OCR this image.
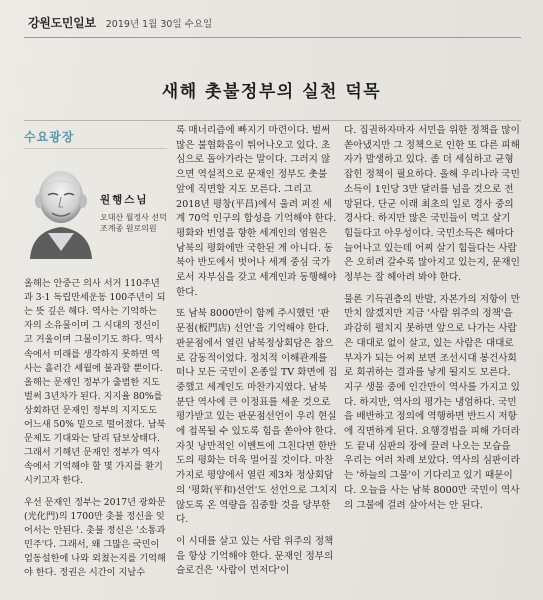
강원도민일보 2019년 1월 30일 수요일
새해 촛불정부의 실천 덕목
수요광장
원행스님
오대산 월정사 선덕
조계종 원로의원

올해는 안중근 의사 서거 110주년과 3·1 독립만세운동 100주년이 되는 뜻 깊은 해다. 역사는 기억하는 자의 소유물이며 그 시대의 정신이고 거울이며 그물이기도 하다. 역사 속에서 미래를 생각하지 못하면 역사는 흘러간 세월에 불과할 뿐이다. 올해는 문재인 정부가 출범한 지도 벌써 3년차가 된다. 지지율 80%를 상회하던 문재인 정부의 지지도도 어느새 50% 밑으로 떨어졌다. 남북문제도 기대와는 달리 답보상태다. 그래서 기해년 문재인 정부가 역사 속에서 기억해야 할 몇 가지를 환기시키고자 한다.

우선 문재인 정부는 2017년 광화문(光化門)의 1700만 촛불 정신을 잊어서는 안된다. 촛불 정신은 '소통과 민주'다. 그래서, 왜 그많은 국민이 엄동설한에 나와 외쳤는지를 기억해야 한다. 정권은 시간이 지날수

록 매너리즘에 빠지기 마련이다. 벌써 많은 불협화음이 튀어나오고 있다. 초심으로 돌아가라는 말이다. 그러지 않으면 역설적으로 문재인 정부도 촛불 앞에 직면할 지도 모른다. 그리고 2018년 평창(平昌)에서 울려 퍼진 세계 70억 인구의 합성을 기억해야 한다. 평화와 번영을 향한 세계인의 염원은 남북의 평화에만 국한된 게 아니다. 동북아 반도에서 벗어나 세계 중심 국가로서 자부심을 갖고 세계인과 동행해야 한다.

또 남북 8000만이 함께 주시했던 '판문점(板門店) 선언'을 기억해야 한다. 판문점에서 열린 남북정상회담은 참으로 감동적이었다. 정치적 이해관계를 떠나 모든 국민이 온종일 TV 화면에 집중했고 세계인도 마찬가지였다. 남북 분단 역사에 큰 이정표를 세운 것으로 평가받고 있는 판문점선언이 우리 현실에 접목될 수 있도록 힘을 쏟아야 한다. 자칫 낭만적인 이벤트에 그친다면 한반도의 평화는 더욱 멀어질 것이다. 마찬가지로 평양에서 열린 제3차 정상회담의 '평화(平和)선언'도 선언으로 그치지 않도록 온 역량을 집중할 것을 당부한다.

이 시대를 살고 있는 사람 위주의 정책을 항상 기억해야 한다. 문재인 정부의 슬로건은 '사람이 먼저다'이

다. 집권하자마자 서민을 위한 정책을 많이 쏟아냈지만 그 정책으로 인한 또 다른 피해자가 발생하고 있다. 좀 더 세심하고 균형잡힌 정책이 필요하다. 올해 우리나라 국민소득이 1인당 3만 달러를 넘을 것으로 전망된다. 단군 이래 최초의 일로 경사 중의 경사다. 하지만 많은 국민들이 먹고 살기 힘들다고 아우성이다. 국민소득은 해마다 늘어나고 있는데 어찌 살기 힘들다는 사람은 오히려 갈수록 많아지고 있는지, 문재인 정부는 잘 헤아려 봐야 한다.

물론 기득권층의 반발, 자본가의 저항이 만만치 않겠지만 지금 '사람 위주의 정책'을 과감히 펼치지 못하면 앞으로 나가는 사람은 대대로 없이 살고, 있는 사람은 대대로 부자가 되는 어찌 보면 조선시대 봉건사회로 회귀하는 결과를 낳게 될지도 모른다. 지구 생물 중에 인간만이 역사를 가지고 있다. 하지만, 역사의 평가는 냉엄하다. 국민을 배반하고 정의에 역행하면 반드시 저항에 직면하게 된다. 요행경법을 피해 가더라도 끝내 심판의 장에 끌려 나오는 모습을 우리는 여러 차례 보았다. 역사의 심판이라는 '하늘의 그물'이 기다리고 있기 때문이다. 오늘을 사는 남북 8000만 국민이 역사의 그물에 걸려 살아서는 안 된다.
